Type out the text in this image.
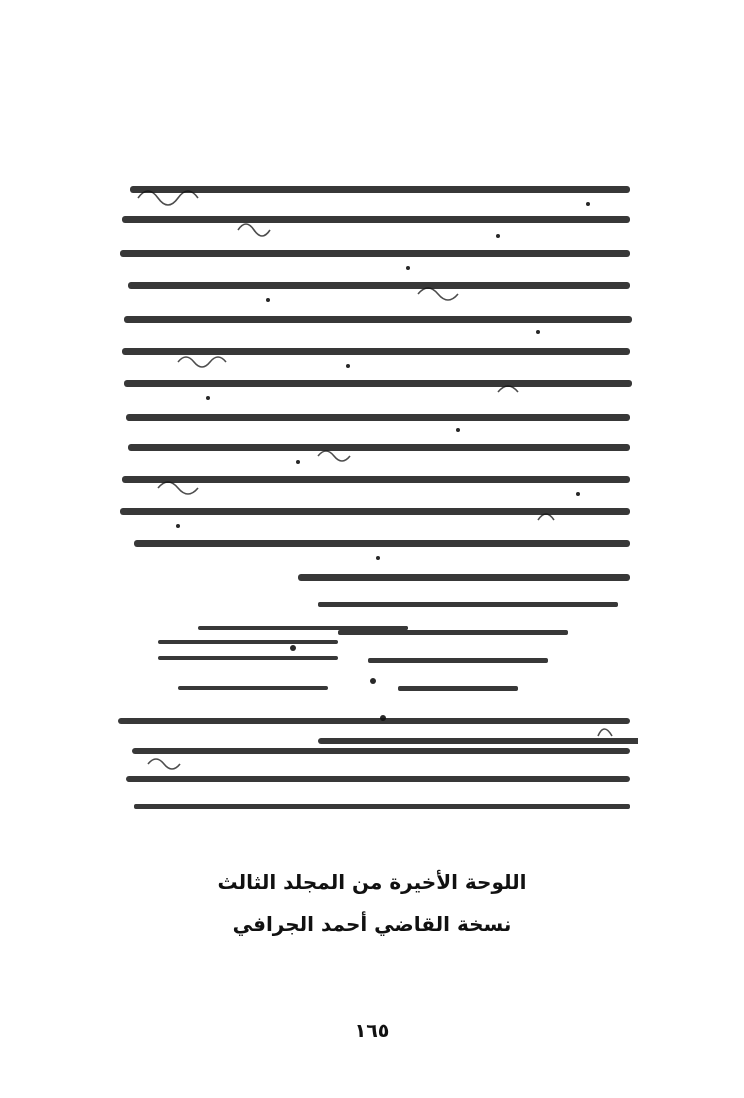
اللوحة الأخيرة من المجلد الثالث
نسخة القاضي أحمد الجرافي
١٦٥
